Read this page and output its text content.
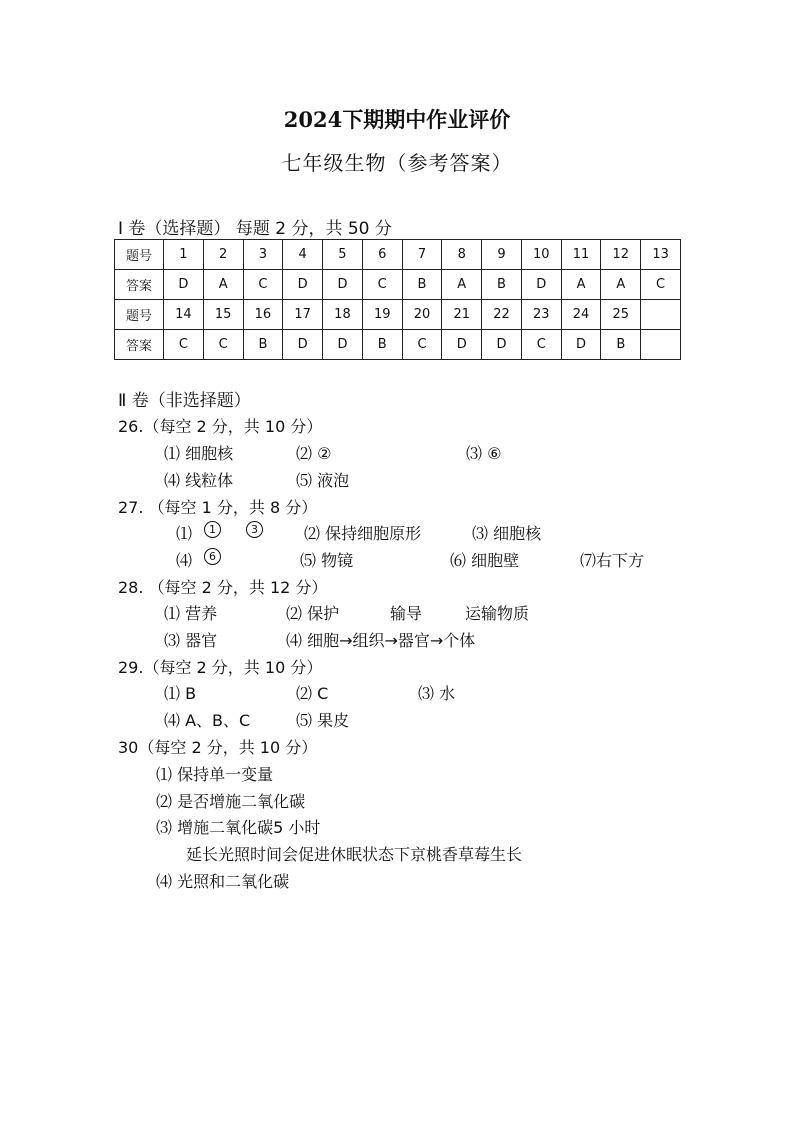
2024下期期中作业评价
七年级生物（参考答案）
Ⅰ 卷（选择题） 每题 2 分，共 50 分
题号	1	2	3	4	5	6	7	8	9	10	11	12	13
答案	D	A	C	D	D	C	B	A	B	D	A	A	C
题号	14	15	16	17	18	19	20	21	22	23	24	25	
答案	C	C	B	D	D	B	C	D	D	C	D	B	
Ⅱ 卷（非选择题）
26.（每空 2 分，共 10 分）
⑴ 细胞核	⑵ ②	⑶ ⑥
⑷ 线粒体	⑸ 液泡
27. （每空 1 分，共 8 分）
⑴	1	3	⑵ 保持细胞原形	⑶ 细胞核
⑷	6	⑸ 物镜	⑹ 细胞壁	⑺右下方
28. （每空 2 分，共 12 分）
⑴ 营养	⑵ 保护	输导	运输物质
⑶ 器官	⑷ 细胞→组织→器官→个体
29.（每空 2 分，共 10 分）
⑴ B	⑵ C	⑶ 水
⑷ A、B、C	⑸ 果皮
30（每空 2 分，共 10 分）
⑴ 保持单一变量
⑵ 是否增施二氧化碳
⑶ 增施二氧化碳5 小时
延长光照时间会促进休眠状态下京桃香草莓生长
⑷ 光照和二氧化碳
